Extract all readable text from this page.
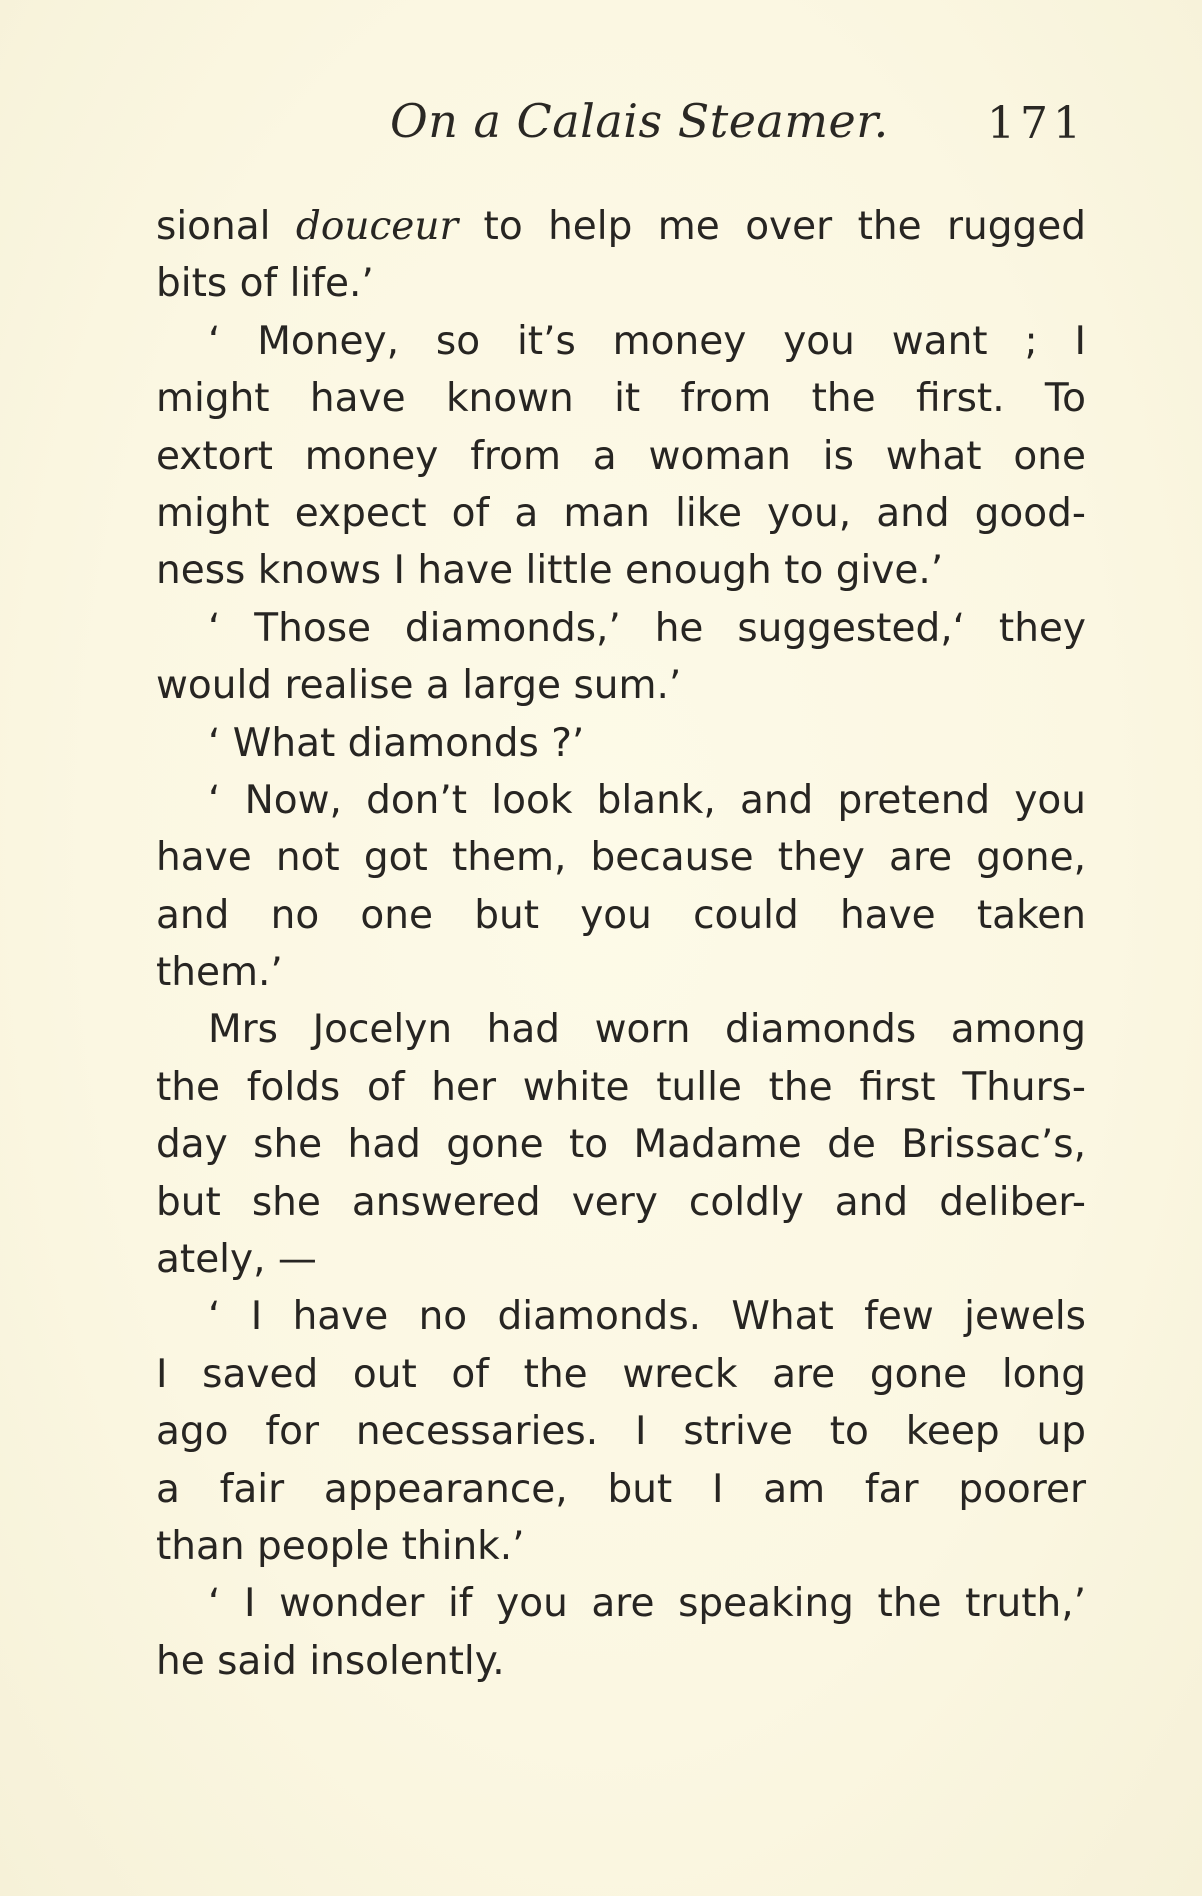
On a Calais Steamer. 171
sional douceur to help me over the rugged
bits of life.’
‘ Money, so it’s money you want ; I
might have known it from the first. To
extort money from a woman is what one
might expect of a man like you, and good-
ness knows I have little enough to give.’
‘ Those diamonds,’ he suggested,‘ they
would realise a large sum.’
‘ What diamonds ?’
‘ Now, don’t look blank, and pretend you
have not got them, because they are gone,
and no one but you could have taken
them.’
Mrs Jocelyn had worn diamonds among
the folds of her white tulle the first Thurs-
day she had gone to Madame de Brissac’s,
but she answered very coldly and deliber-
ately, —
‘ I have no diamonds. What few jewels
I saved out of the wreck are gone long
ago for necessaries. I strive to keep up
a fair appearance, but I am far poorer
than people think.’
‘ I wonder if you are speaking the truth,’
he said insolently.
